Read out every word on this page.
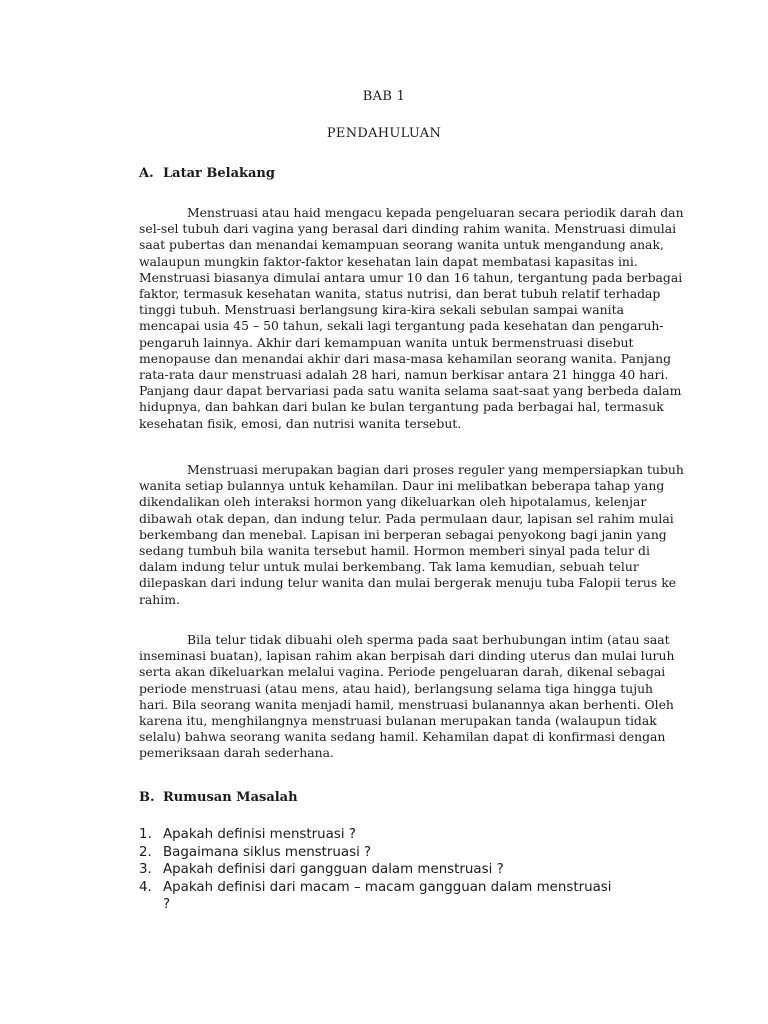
BAB 1
PENDAHULUAN
A. Latar Belakang

Menstruasi atau haid mengacu kepada pengeluaran secara periodik darah dan sel-sel tubuh dari vagina yang berasal dari dinding rahim wanita. Menstruasi dimulai saat pubertas dan menandai kemampuan seorang wanita untuk mengandung anak, walaupun mungkin faktor-faktor kesehatan lain dapat membatasi kapasitas ini. Menstruasi biasanya dimulai antara umur 10 dan 16 tahun, tergantung pada berbagai faktor, termasuk kesehatan wanita, status nutrisi, dan berat tubuh relatif terhadap tinggi tubuh. Menstruasi berlangsung kira-kira sekali sebulan sampai wanita mencapai usia 45 – 50 tahun, sekali lagi tergantung pada kesehatan dan pengaruh-pengaruh lainnya. Akhir dari kemampuan wanita untuk bermenstruasi disebut menopause dan menandai akhir dari masa-masa kehamilan seorang wanita. Panjang rata-rata daur menstruasi adalah 28 hari, namun berkisar antara 21 hingga 40 hari. Panjang daur dapat bervariasi pada satu wanita selama saat-saat yang berbeda dalam hidupnya, dan bahkan dari bulan ke bulan tergantung pada berbagai hal, termasuk kesehatan fisik, emosi, dan nutrisi wanita tersebut.

Menstruasi merupakan bagian dari proses reguler yang mempersiapkan tubuh wanita setiap bulannya untuk kehamilan. Daur ini melibatkan beberapa tahap yang dikendalikan oleh interaksi hormon yang dikeluarkan oleh hipotalamus, kelenjar dibawah otak depan, dan indung telur. Pada permulaan daur, lapisan sel rahim mulai berkembang dan menebal. Lapisan ini berperan sebagai penyokong bagi janin yang sedang tumbuh bila wanita tersebut hamil. Hormon memberi sinyal pada telur di dalam indung telur untuk mulai berkembang. Tak lama kemudian, sebuah telur dilepaskan dari indung telur wanita dan mulai bergerak menuju tuba Falopii terus ke rahim.

Bila telur tidak dibuahi oleh sperma pada saat berhubungan intim (atau saat inseminasi buatan), lapisan rahim akan berpisah dari dinding uterus dan mulai luruh serta akan dikeluarkan melalui vagina. Periode pengeluaran darah, dikenal sebagai periode menstruasi (atau mens, atau haid), berlangsung selama tiga hingga tujuh hari. Bila seorang wanita menjadi hamil, menstruasi bulanannya akan berhenti. Oleh karena itu, menghilangnya menstruasi bulanan merupakan tanda (walaupun tidak selalu) bahwa seorang wanita sedang hamil. Kehamilan dapat di konfirmasi dengan pemeriksaan darah sederhana.

B. Rumusan Masalah
1. Apakah definisi menstruasi ?
2. Bagaimana siklus menstruasi ?
3. Apakah definisi dari gangguan dalam menstruasi ?
4. Apakah definisi dari macam – macam gangguan dalam menstruasi ?
